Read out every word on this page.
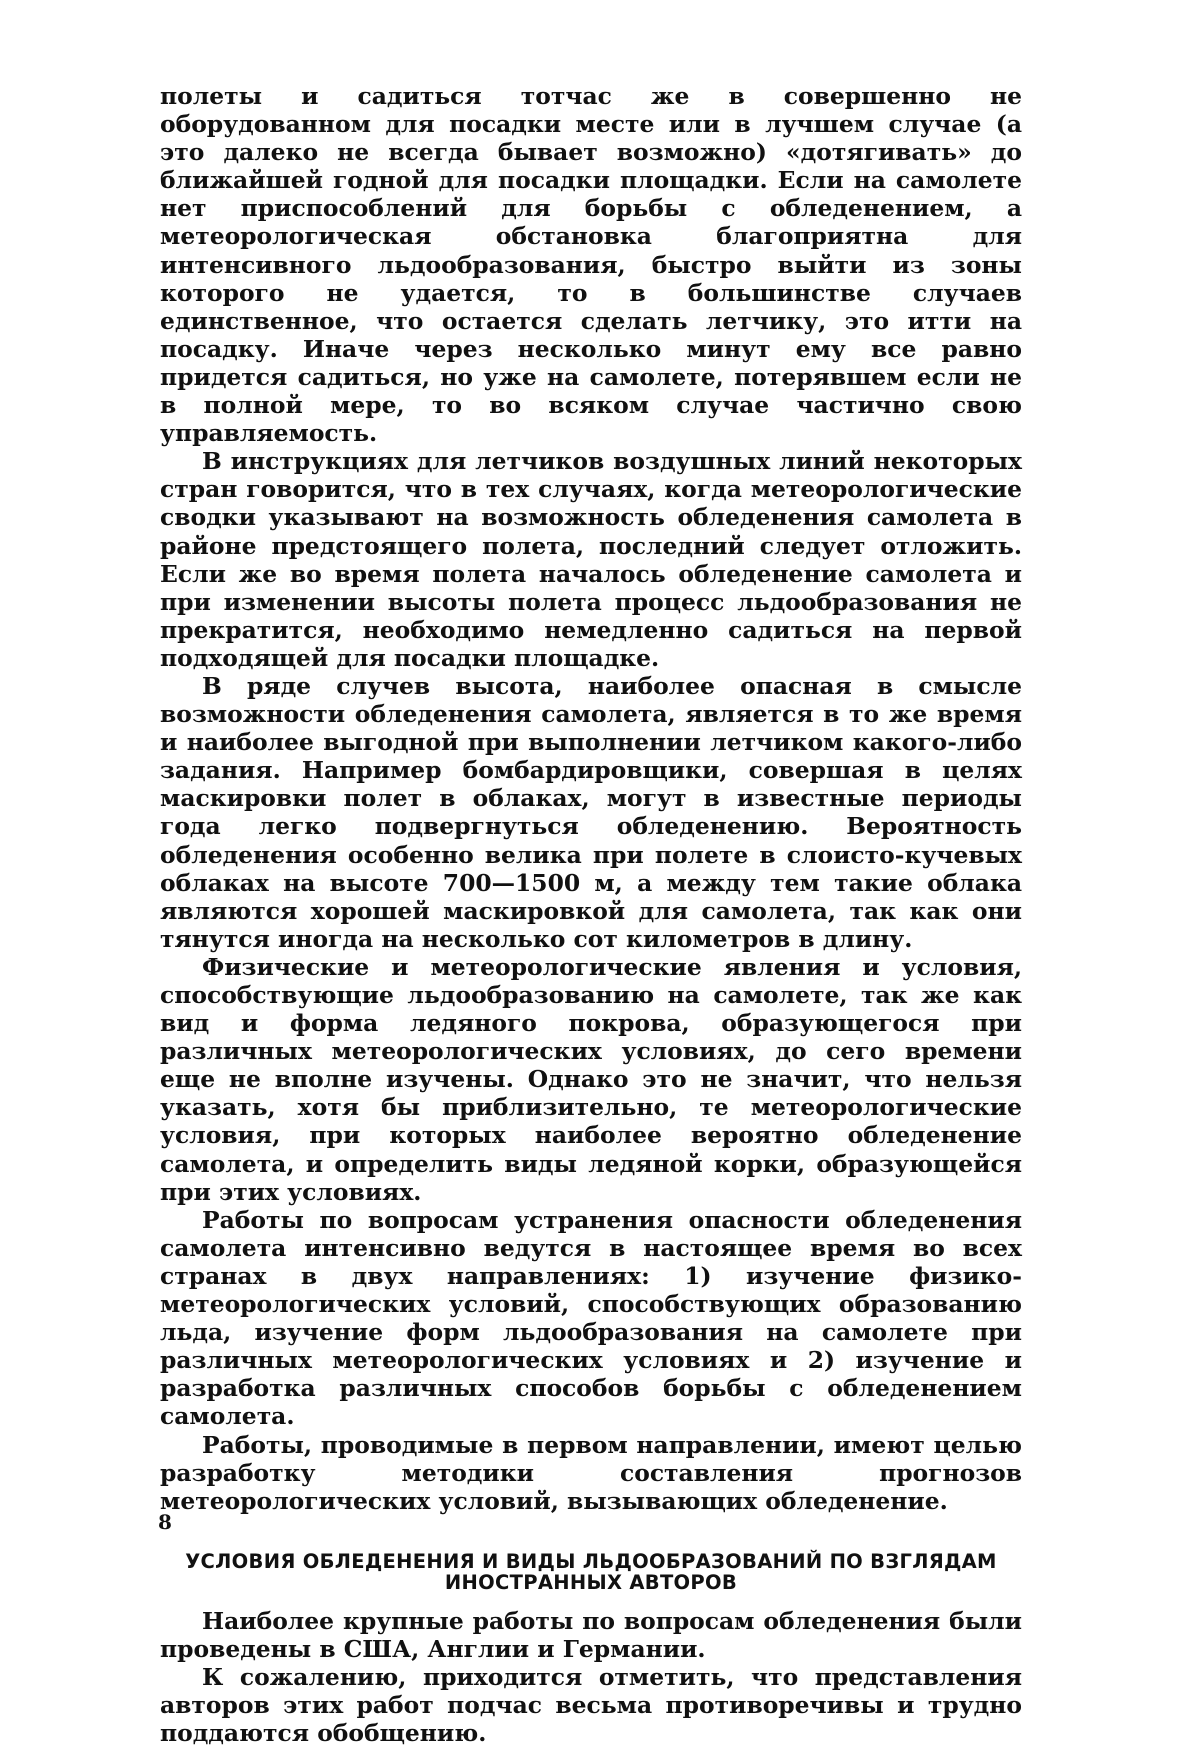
полеты и садиться тотчас же в совершенно не оборудованном для посадки месте или в лучшем случае (а это далеко не всегда бывает возможно) «дотягивать» до ближайшей годной для посадки площадки. Если на самолете нет приспособлений для борьбы с обледенением, а метеорологическая обстановка благоприятна для интенсивного льдообразования, быстро выйти из зоны которого не удается, то в большинстве случаев единственное, что остается сделать летчику, это итти на посадку. Иначе через несколько минут ему все равно придется садиться, но уже на самолете, потерявшем если не в полной мере, то во всяком случае частично свою управляемость.

В инструкциях для летчиков воздушных линий некоторых стран говорится, что в тех случаях, когда метеорологические сводки указывают на возможность обледенения самолета в районе предстоящего полета, последний следует отложить. Если же во время полета началось обледенение самолета и при изменении высоты полета процесс льдообразования не прекратится, необходимо немедленно садиться на первой подходящей для посадки площадке.

В ряде случев высота, наиболее опасная в смысле возможности обледенения самолета, является в то же время и наиболее выгодной при выполнении летчиком какого-либо задания. Например бомбардировщики, совершая в целях маскировки полет в облаках, могут в известные периоды года легко подвергнуться обледенению. Вероятность обледенения особенно велика при полете в слоисто-кучевых облаках на высоте 700—1500 м, а между тем такие облака являются хорошей маскировкой для самолета, так как они тянутся иногда на несколько сот километров в длину.

Физические и метеорологические явления и условия, способствующие льдообразованию на самолете, так же как вид и форма ледяного покрова, образующегося при различных метеорологических условиях, до сего времени еще не вполне изучены. Однако это не значит, что нельзя указать, хотя бы приблизительно, те метеорологические условия, при которых наиболее вероятно обледенение самолета, и определить виды ледяной корки, образующейся при этих условиях.

Работы по вопросам устранения опасности обледенения самолета интенсивно ведутся в настоящее время во всех странах в двух направлениях: 1) изучение физико-метеорологических условий, способствующих образованию льда, изучение форм льдообразования на самолете при различных метеорологических условиях и 2) изучение и разработка различных способов борьбы с обледенением самолета.

Работы, проводимые в первом направлении, имеют целью разработку методики составления прогнозов метеорологических условий, вызывающих обледенение.

УСЛОВИЯ ОБЛЕДЕНЕНИЯ И ВИДЫ ЛЬДООБРАЗОВАНИЙ ПО ВЗГЛЯДАМ
ИНОСТРАННЫХ АВТОРОВ

Наиболее крупные работы по вопросам обледенения были проведены в США, Англии и Германии.

К сожалению, приходится отметить, что представления авторов этих работ подчас весьма противоречивы и трудно поддаются обобщению.

8
